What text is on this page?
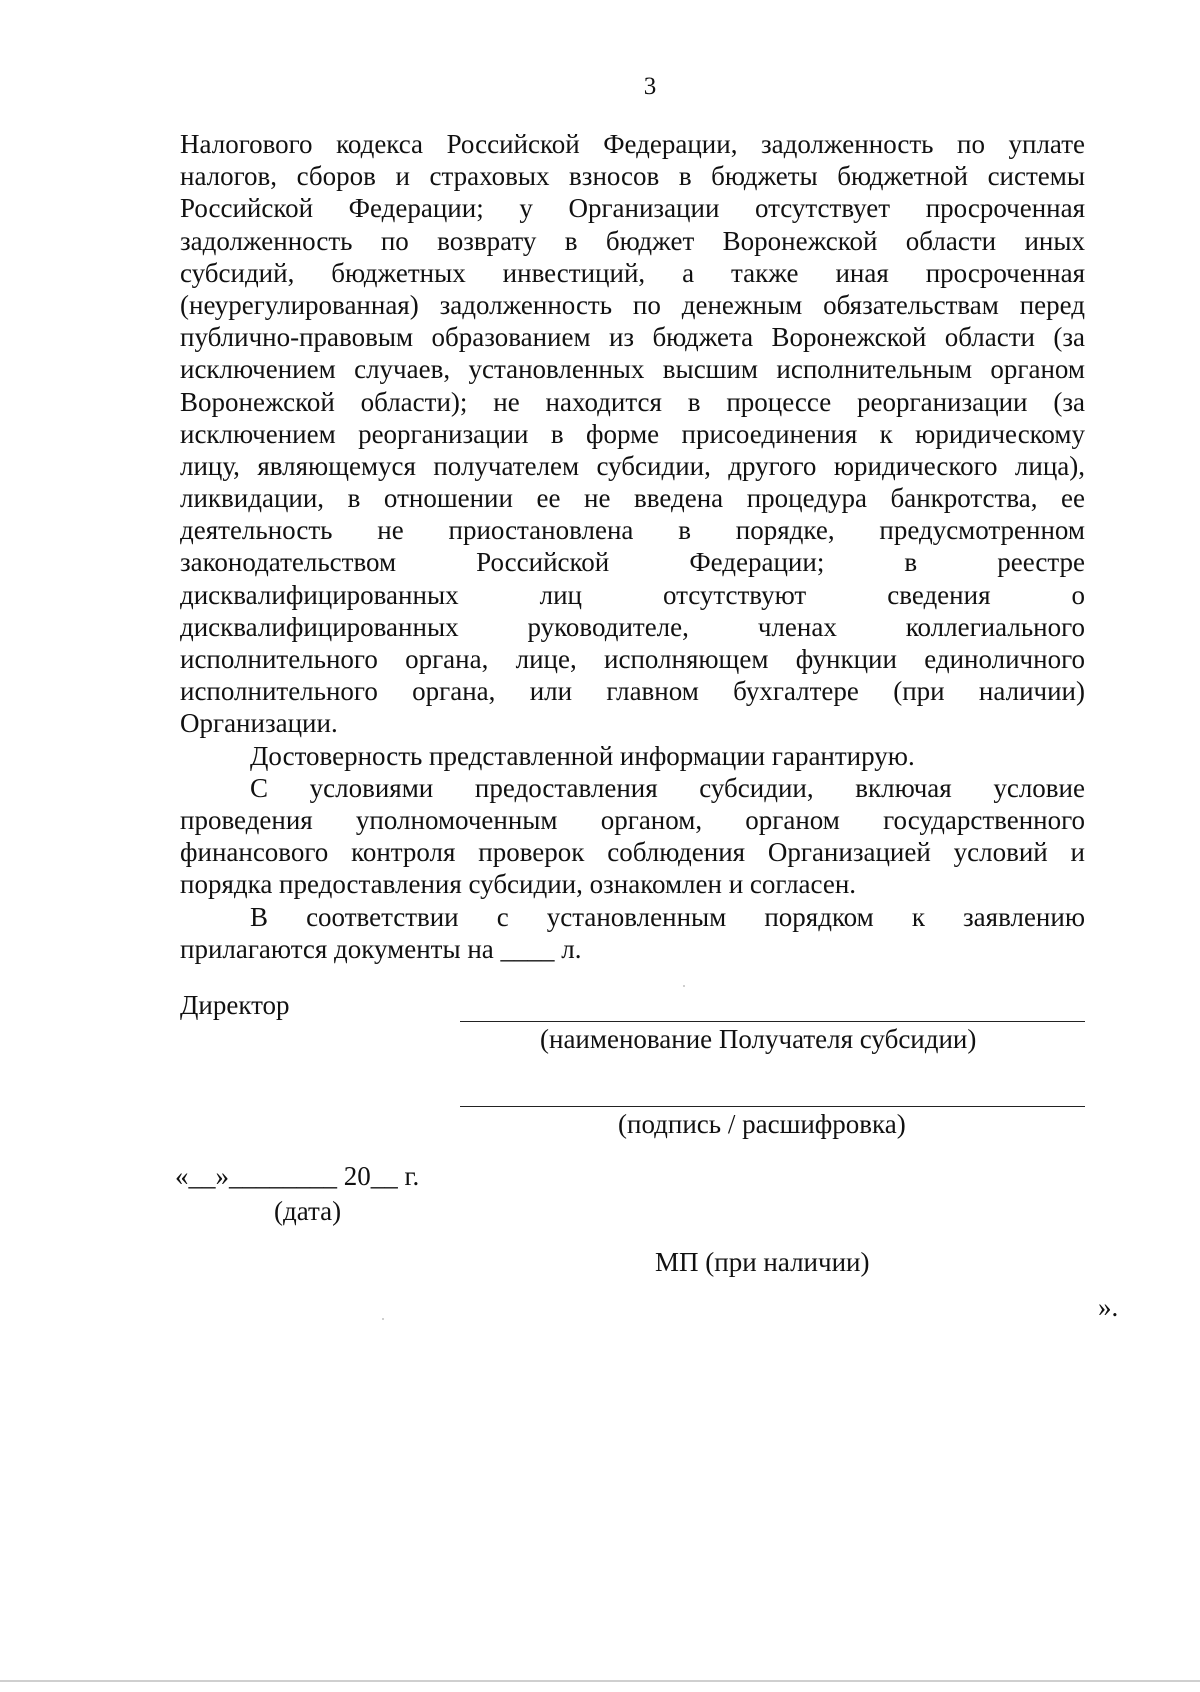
3
Налогового кодекса Российской Федерации, задолженность по уплате
налогов, сборов и страховых взносов в бюджеты бюджетной системы
Российской Федерации; у Организации отсутствует просроченная
задолженность по возврату в бюджет Воронежской области иных
субсидий, бюджетных инвестиций, а также иная просроченная
(неурегулированная) задолженность по денежным обязательствам перед
публично-правовым образованием из бюджета Воронежской области (за
исключением случаев, установленных высшим исполнительным органом
Воронежской области); не находится в процессе реорганизации (за
исключением реорганизации в форме присоединения к юридическому
лицу, являющемуся получателем субсидии, другого юридического лица),
ликвидации, в отношении ее не введена процедура банкротства, ее
деятельность не приостановлена в порядке, предусмотренном
законодательством Российской Федерации; в реестре
дисквалифицированных лиц отсутствуют сведения о
дисквалифицированных руководителе, членах коллегиального
исполнительного органа, лице, исполняющем функции единоличного
исполнительного органа, или главном бухгалтере (при наличии)
Организации.
Достоверность представленной информации гарантирую.
С условиями предоставления субсидии, включая условие
проведения уполномоченным органом, органом государственного
финансового контроля проверок соблюдения Организацией условий и
порядка предоставления субсидии, ознакомлен и согласен.
В соответствии с установленным порядком к заявлению
прилагаются документы на ____ л.
Директор
(наименование Получателя субсидии)
(подпись / расшифровка)
«__»________ 20__ г.
(дата)
МП (при наличии)
».
